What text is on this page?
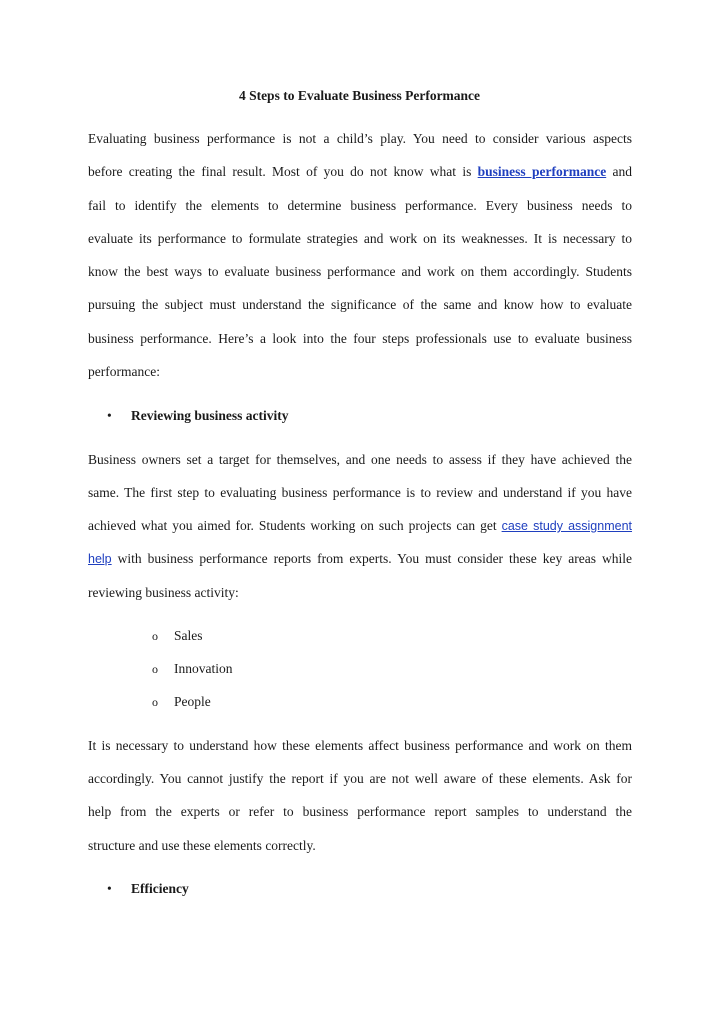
4 Steps to Evaluate Business Performance
Evaluating business performance is not a child’s play. You need to consider various aspects
before creating the final result. Most of you do not know what is business performance and
fail to identify the elements to determine business performance. Every business needs to
evaluate its performance to formulate strategies and work on its weaknesses. It is necessary to
know the best ways to evaluate business performance and work on them accordingly. Students
pursuing the subject must understand the significance of the same and know how to evaluate
business performance. Here’s a look into the four steps professionals use to evaluate business
performance:
• Reviewing business activity
Business owners set a target for themselves, and one needs to assess if they have achieved the
same. The first step to evaluating business performance is to review and understand if you have
achieved what you aimed for. Students working on such projects can get case study assignment
help with business performance reports from experts. You must consider these key areas while
reviewing business activity:
o Sales
o Innovation
o People
It is necessary to understand how these elements affect business performance and work on them
accordingly. You cannot justify the report if you are not well aware of these elements. Ask for
help from the experts or refer to business performance report samples to understand the
structure and use these elements correctly.
• Efficiency
